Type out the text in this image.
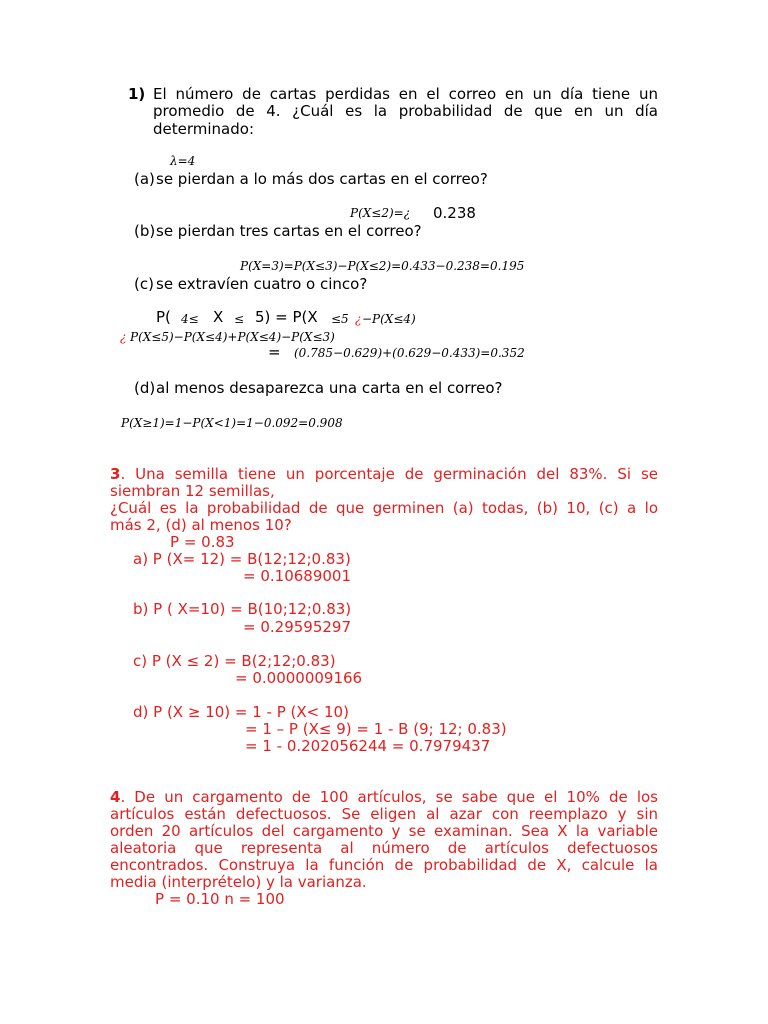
1) El número de cartas perdidas en el correo en un día tiene un
promedio de 4. ¿Cuál es la probabilidad de que en un día
determinado:
λ=4
(a) se pierdan a lo más dos cartas en el correo?
P(X≤2)=¿ 0.238
(b) se pierdan tres cartas en el correo?
P(X=3)=P(X≤3)−P(X≤2)=0.433−0.238=0.195
(c) se extravíen cuatro o cinco?
P( 4≤ X ≤ 5) = P(X ≤5 ¿ −P(X≤4)
¿ P(X≤5)−P(X≤4)+P(X≤4)−P(X≤3)
= (0.785−0.629)+(0.629−0.433)=0.352
(d) al menos desaparezca una carta en el correo?
P(X≥1)=1−P(X<1)=1−0.092=0.908
3. Una semilla tiene un porcentaje de germinación del 83%. Si se
siembran 12 semillas,
¿Cuál es la probabilidad de que germinen (a) todas, (b) 10, (c) a lo
más 2, (d) al menos 10?
P = 0.83
a) P (X= 12) = B(12;12;0.83)
= 0.10689001
b) P ( X=10) = B(10;12;0.83)
= 0.29595297
c) P (X ≤ 2) = B(2;12;0.83)
= 0.0000009166
d) P (X ≥ 10) = 1 - P (X< 10)
= 1 – P (X≤ 9) = 1 - B (9; 12; 0.83)
= 1 - 0.202056244 = 0.7979437
4. De un cargamento de 100 artículos, se sabe que el 10% de los
artículos están defectuosos. Se eligen al azar con reemplazo y sin
orden 20 artículos del cargamento y se examinan. Sea X la variable
aleatoria que representa al número de artículos defectuosos
encontrados. Construya la función de probabilidad de X, calcule la
media (interprételo) y la varianza.
P = 0.10 n = 100
